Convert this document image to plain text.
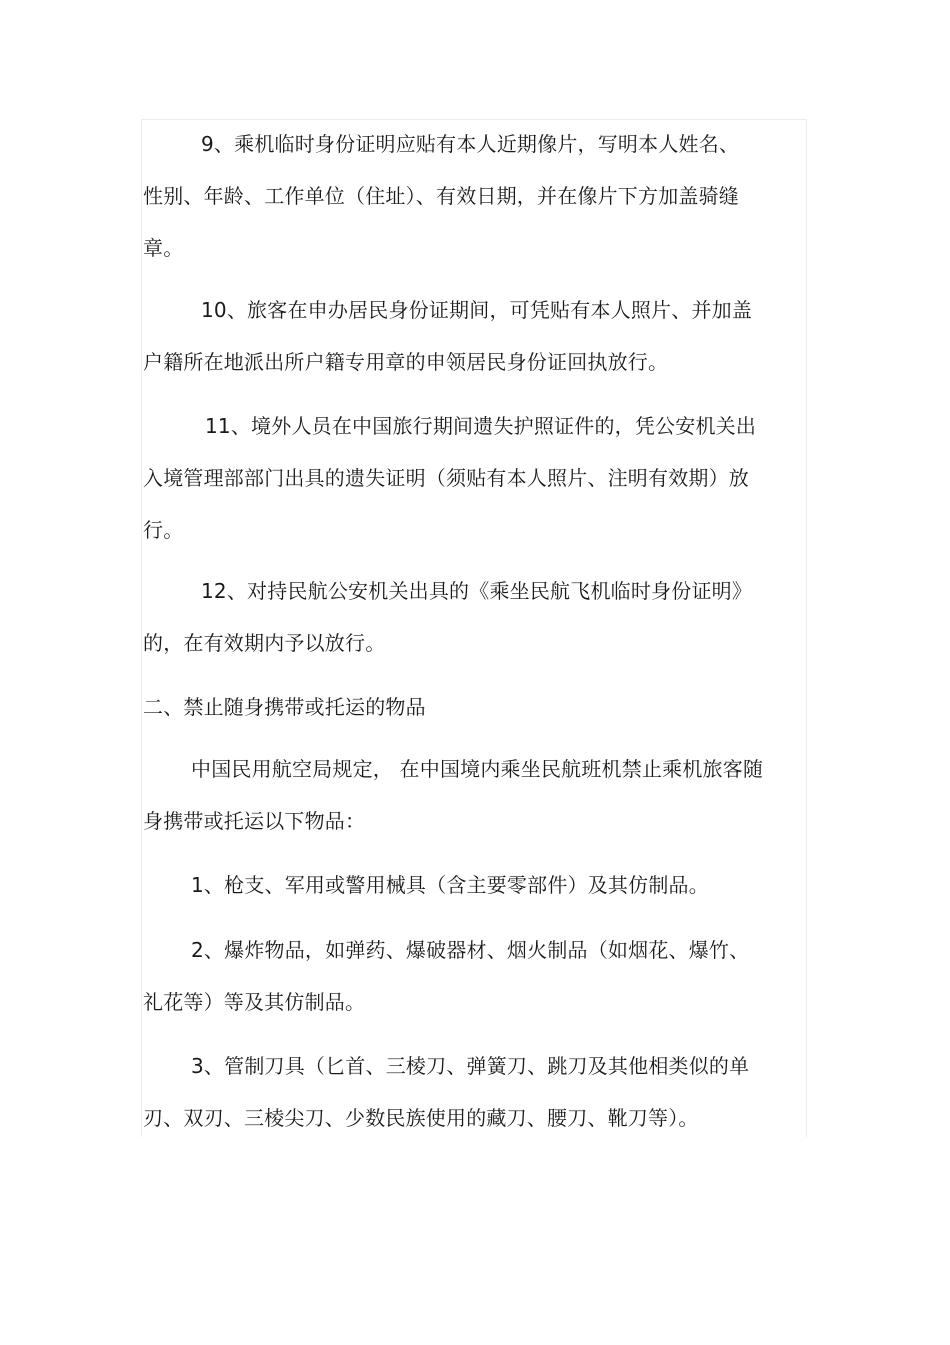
9、乘机临时身份证明应贴有本人近期像片，写明本人姓名、
性别、年龄、工作单位（住址）、有效日期，并在像片下方加盖骑缝
章。
10、旅客在申办居民身份证期间，可凭贴有本人照片、并加盖
户籍所在地派出所户籍专用章的申领居民身份证回执放行。
11、境外人员在中国旅行期间遗失护照证件的，凭公安机关出
入境管理部部门出具的遗失证明（须贴有本人照片、注明有效期）放
行。
12、对持民航公安机关出具的《乘坐民航飞机临时身份证明》
的，在有效期内予以放行。
二、禁止随身携带或托运的物品
中国民用航空局规定， 在中国境内乘坐民航班机禁止乘机旅客随
身携带或托运以下物品：
1、枪支、军用或警用械具（含主要零部件）及其仿制品。
2、爆炸物品，如弹药、爆破器材、烟火制品（如烟花、爆竹、
礼花等）等及其仿制品。
3、管制刀具（匕首、三棱刀、弹簧刀、跳刀及其他相类似的单
刃、双刃、三棱尖刀、少数民族使用的藏刀、腰刀、靴刀等）。
